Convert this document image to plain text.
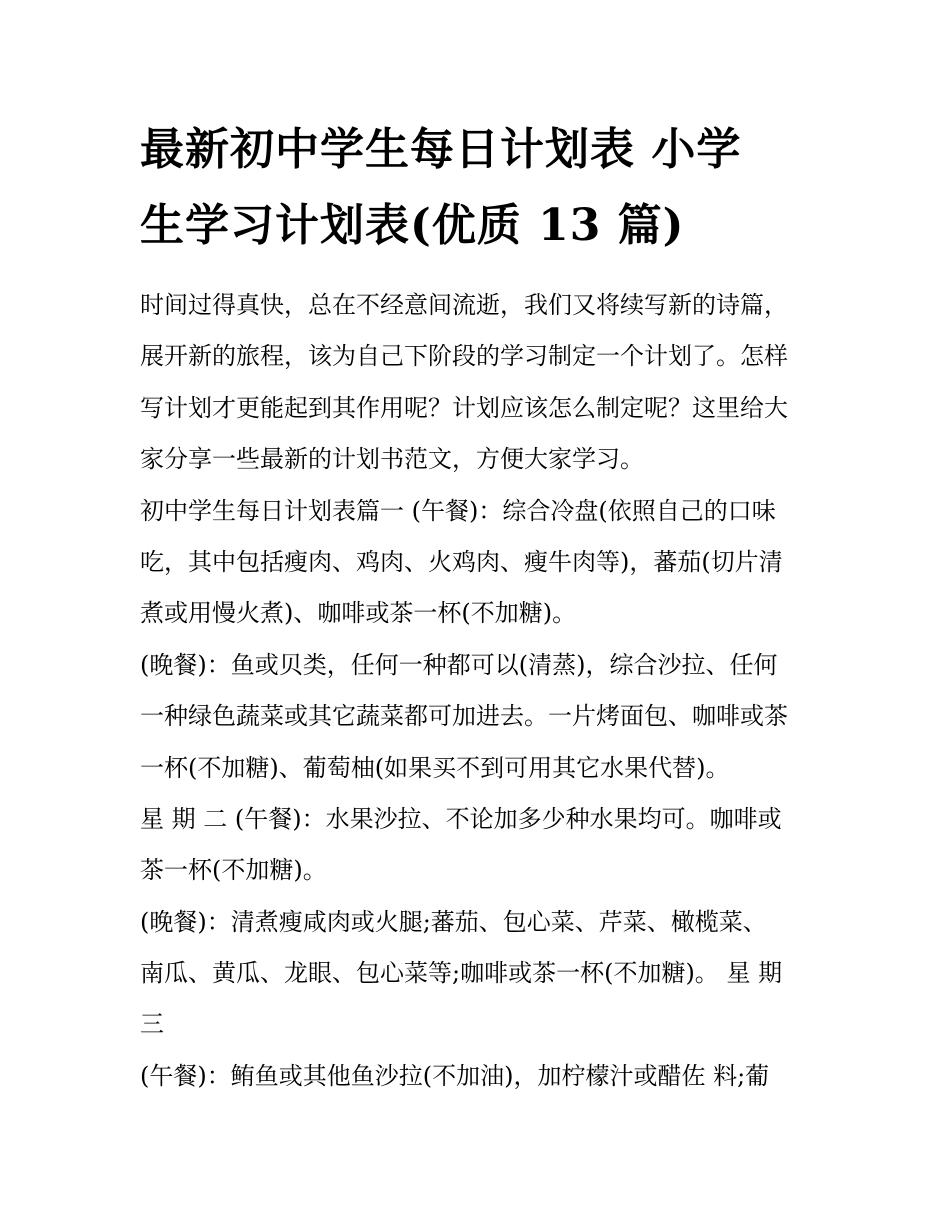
最新初中学生每日计划表 小学
生学习计划表(优质 13 篇)
时间过得真快，总在不经意间流逝，我们又将续写新的诗篇，
展开新的旅程，该为自己下阶段的学习制定一个计划了。怎样
写计划才更能起到其作用呢？计划应该怎么制定呢？这里给大
家分享一些最新的计划书范文，方便大家学习。
初中学生每日计划表篇一 (午餐)：综合冷盘(依照自己的口味
吃，其中包括瘦肉、鸡肉、火鸡肉、瘦牛肉等)，蕃茄(切片清
煮或用慢火煮)、咖啡或茶一杯(不加糖)。
(晚餐)：鱼或贝类，任何一种都可以(清蒸)，综合沙拉、任何
一种绿色蔬菜或其它蔬菜都可加进去。一片烤面包、咖啡或茶
一杯(不加糖)、葡萄柚(如果买不到可用其它水果代替)。
星 期 二 (午餐)：水果沙拉、不论加多少种水果均可。咖啡或
茶一杯(不加糖)。
(晚餐)：清煮瘦咸肉或火腿;蕃茄、包心菜、芹菜、橄榄菜、
南瓜、黄瓜、龙眼、包心菜等;咖啡或茶一杯(不加糖)。 星 期
三
(午餐)：鲔鱼或其他鱼沙拉(不加油)，加柠檬汁或醋佐 料;葡
